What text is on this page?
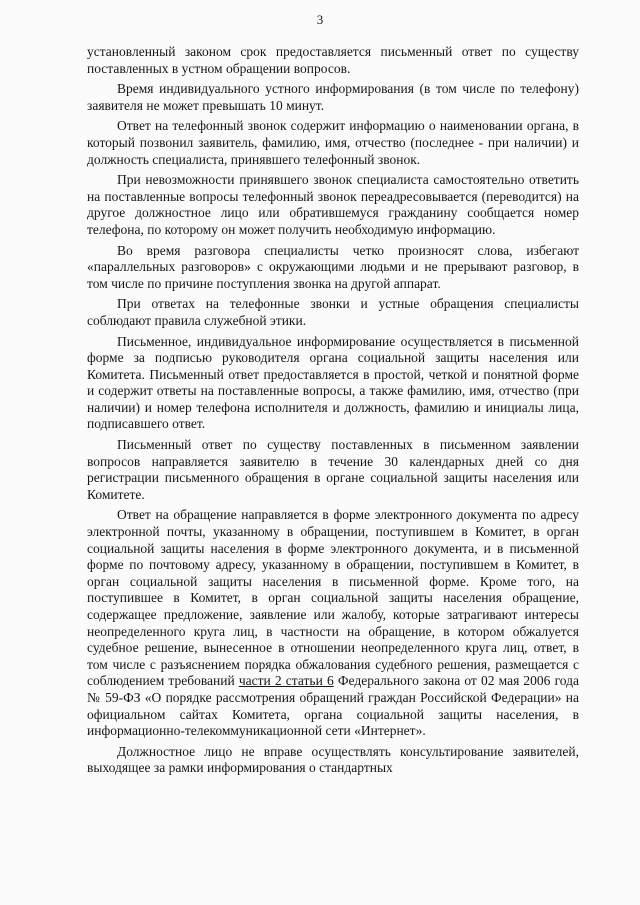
3

установленный законом срок предоставляется письменный ответ по существу поставленных в устном обращении вопросов.

Время индивидуального устного информирования (в том числе по телефону) заявителя не может превышать 10 минут.

Ответ на телефонный звонок содержит информацию о наименовании органа, в который позвонил заявитель, фамилию, имя, отчество (последнее - при наличии) и должность специалиста, принявшего телефонный звонок.

При невозможности принявшего звонок специалиста самостоятельно ответить на поставленные вопросы телефонный звонок переадресовывается (переводится) на другое должностное лицо или обратившемуся гражданину сообщается номер телефона, по которому он может получить необходимую информацию.

Во время разговора специалисты четко произносят слова, избегают «параллельных разговоров» с окружающими людьми и не прерывают разговор, в том числе по причине поступления звонка на другой аппарат.

При ответах на телефонные звонки и устные обращения специалисты соблюдают правила служебной этики.

Письменное, индивидуальное информирование осуществляется в письменной форме за подписью руководителя органа социальной защиты населения или Комитета. Письменный ответ предоставляется в простой, четкой и понятной форме и содержит ответы на поставленные вопросы, а также фамилию, имя, отчество (при наличии) и номер телефона исполнителя и должность, фамилию и инициалы лица, подписавшего ответ.

Письменный ответ по существу поставленных в письменном заявлении вопросов направляется заявителю в течение 30 календарных дней со дня регистрации письменного обращения в органе социальной защиты населения или Комитете.

Ответ на обращение направляется в форме электронного документа по адресу электронной почты, указанному в обращении, поступившем в Комитет, в орган социальной защиты населения в форме электронного документа, и в письменной форме по почтовому адресу, указанному в обращении, поступившем в Комитет, в орган социальной защиты населения в письменной форме. Кроме того, на поступившее в Комитет, в орган социальной защиты населения обращение, содержащее предложение, заявление или жалобу, которые затрагивают интересы неопределенного круга лиц, в частности на обращение, в котором обжалуется судебное решение, вынесенное в отношении неопределенного круга лиц, ответ, в том числе с разъяснением порядка обжалования судебного решения, размещается с соблюдением требований части 2 статьи 6 Федерального закона от 02 мая 2006 года № 59-ФЗ «О порядке рассмотрения обращений граждан Российской Федерации» на официальном сайтах Комитета, органа социальной защиты населения, в информационно-телекоммуникационной сети «Интернет».

Должностное лицо не вправе осуществлять консультирование заявителей, выходящее за рамки информирования о стандартных
